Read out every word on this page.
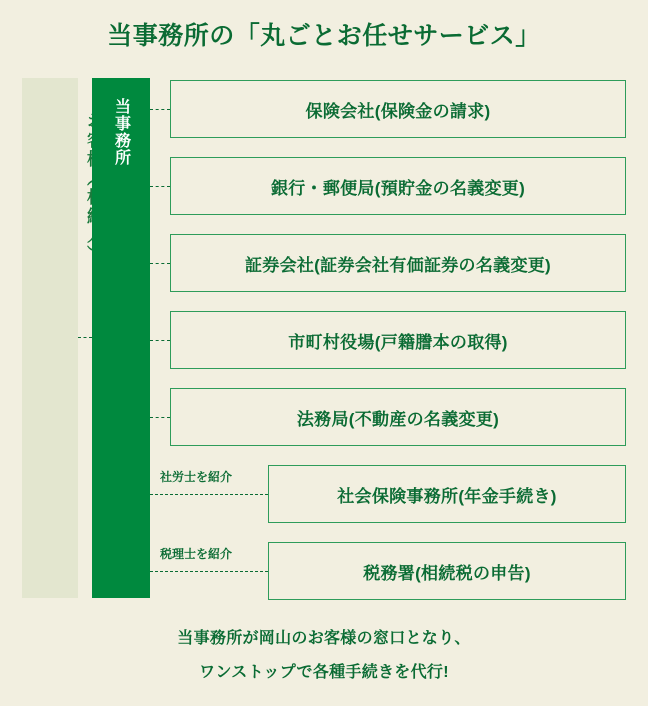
当事務所の「丸ごとお任せサービス」
当事務所	保険会社(保険金の請求)
銀行・郵便局(預貯金の名義変更)
証券会社(証券会社有価証券の名義変更)
市町村役場(戸籍謄本の取得)
法務局(不動産の名義変更)
社労士を紹介
社会保険事務所(年金手続き)
税理士を紹介
税務署(相続税の申告)
当事務所が岡山のお客様の窓口となり、
ワンストップで各種手続きを代行!
